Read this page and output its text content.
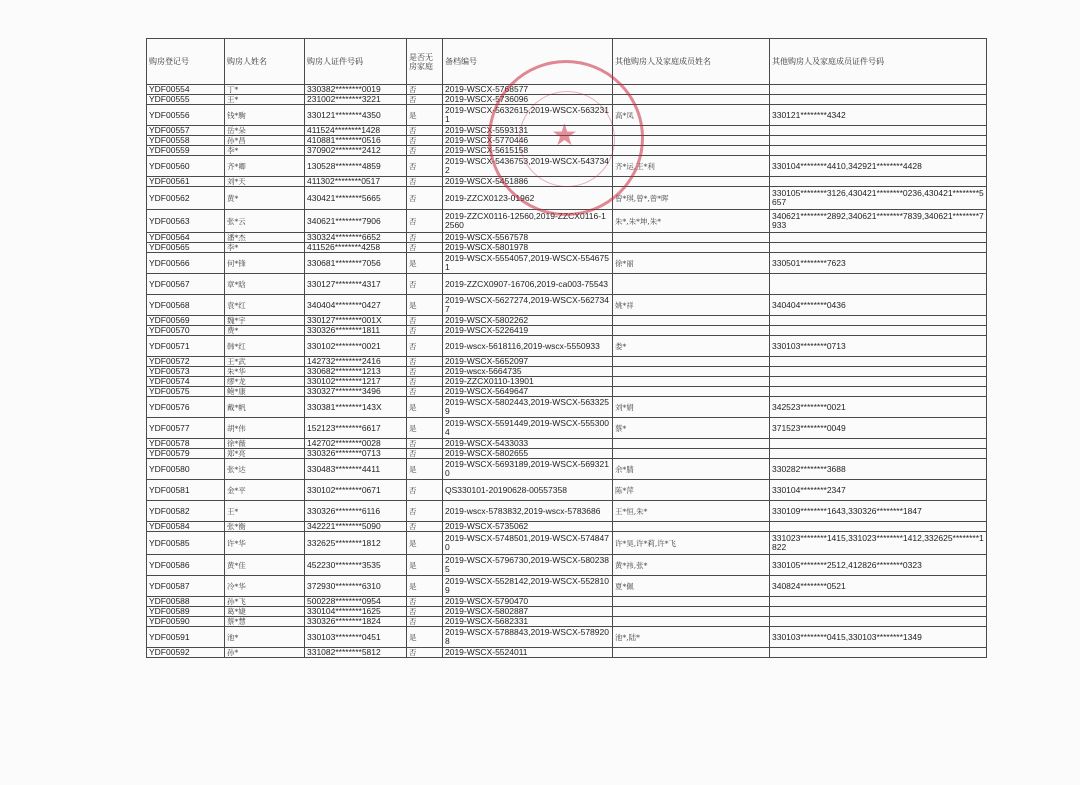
购房登记号	购房人姓名	购房人证件号码	是否无房家庭	备档编号	其他购房人及家庭成员姓名	其他购房人及家庭成员证件号码
YDF00554	丁*	330382********0019	否	2019-WSCX-5768577		
YDF00555	王*	231002********3221	否	2019-WSCX-5736096		
YDF00556	钱*駒	330121********4350	是	2019-WSCX-5632615,2019-WSCX-5632311	高*凤	330121********4342
YDF00557	岳*朵	411524********1428	否	2019-WSCX-5593131		
YDF00558	孙*昌	410881********0516	否	2019-WSCX-5770446		
YDF00559	李*	370902********2412	否	2019-WSCX-5615158		
YDF00560	齐*卿	130528********4859	否	2019-WSCX-5436753,2019-WSCX-5437342	齐*运,王*利	330104********4410,342921********4428
YDF00561	刘*天	411302********0517	否	2019-WSCX-5451886		
YDF00562	黄*	430421********5665	否	2019-ZZCX0123-01962	曾*琪,曾*,曾*晖	330105********3126,430421********0236,430421********5657
YDF00563	张*云	340621********7906	否	2019-ZZCX0116-12560,2019-ZZCX0116-12560	朱*,朱*坤,朱*	340621********2892,340621********7839,340621********7933
YDF00564	潘*杰	330324********6652	否	2019-WSCX-5567578		
YDF00565	李*	411526********4258	否	2019-WSCX-5801978		
YDF00566	何*锋	330681********7056	是	2019-WSCX-5554057,2019-WSCX-5546751	徐*丽	330501********7623
YDF00567	章*晗	330127********4317	否	2019-ZZCX0907-16706,2019-ca003-75543		
YDF00568	袁*红	340404********0427	是	2019-WSCX-5627274,2019-WSCX-5627347	姚*祥	340404********0436
YDF00569	魏*宇	330127********001X	否	2019-WSCX-5802262		
YDF00570	费*	330326********1811	否	2019-WSCX-5226419		
YDF00571	韩*红	330102********0021	否	2019-wscx-5618116,2019-wscx-5550933	娄*	330103********0713
YDF00572	王*武	142732********2416	否	2019-WSCX-5652097		
YDF00573	朱*华	330682********1213	否	2019-wscx-5664735		
YDF00574	缪*龙	330102********1217	否	2019-ZZCX0110-13901		
YDF00575	鲍*康	330327********3496	否	2019-WSCX-5649647		
YDF00576	戴*帆	330381********143X	是	2019-WSCX-5802443,2019-WSCX-5633259	刘*娟	342523********0021
YDF00577	胡*伟	152123********6617	是	2019-WSCX-5591449,2019-WSCX-5553004	蔡*	371523********0049
YDF00578	徐*薇	142702********0028	否	2019-WSCX-5433033		
YDF00579	郑*亮	330326********0713	否	2019-WSCX-5802655		
YDF00580	张*达	330483********4411	是	2019-WSCX-5693189,2019-WSCX-5693210	余*腈	330282********3688
YDF00581	金*平	330102********0671	否	QS330101-20190628-00557358	陈*萍	330104********2347
YDF00582	王*	330326********6116	否	2019-wscx-5783832,2019-wscx-5783686	王*恒,朱*	330109********1643,330326********1847
YDF00584	张*衡	342221********5090	否	2019-WSCX-5735062		
YDF00585	许*华	332625********1812	是	2019-WSCX-5748501,2019-WSCX-5748470	许*昊,许*莉,许*飞	331023********1415,331023********1412,332625********1822
YDF00586	黄*佳	452230********3535	是	2019-WSCX-5796730,2019-WSCX-5802385	黄*祎,张*	330105********2512,412826********0323
YDF00587	冷*华	372930********6310	是	2019-WSCX-5528142,2019-WSCX-5528109	夏*佩	340824********0521
YDF00588	孙*飞	500228********0954	否	2019-WSCX-5790470		
YDF00589	葛*婕	330104********1625	否	2019-WSCX-5802887		
YDF00590	蔡*慧	330326********1824	否	2019-WSCX-5682331		
YDF00591	池*	330103********0451	是	2019-WSCX-5788843,2019-WSCX-5789208	池*,陆*	330103********0415,330103********1349
YDF00592	孙*	331082********5812	否	2019-WSCX-5524011		
★
